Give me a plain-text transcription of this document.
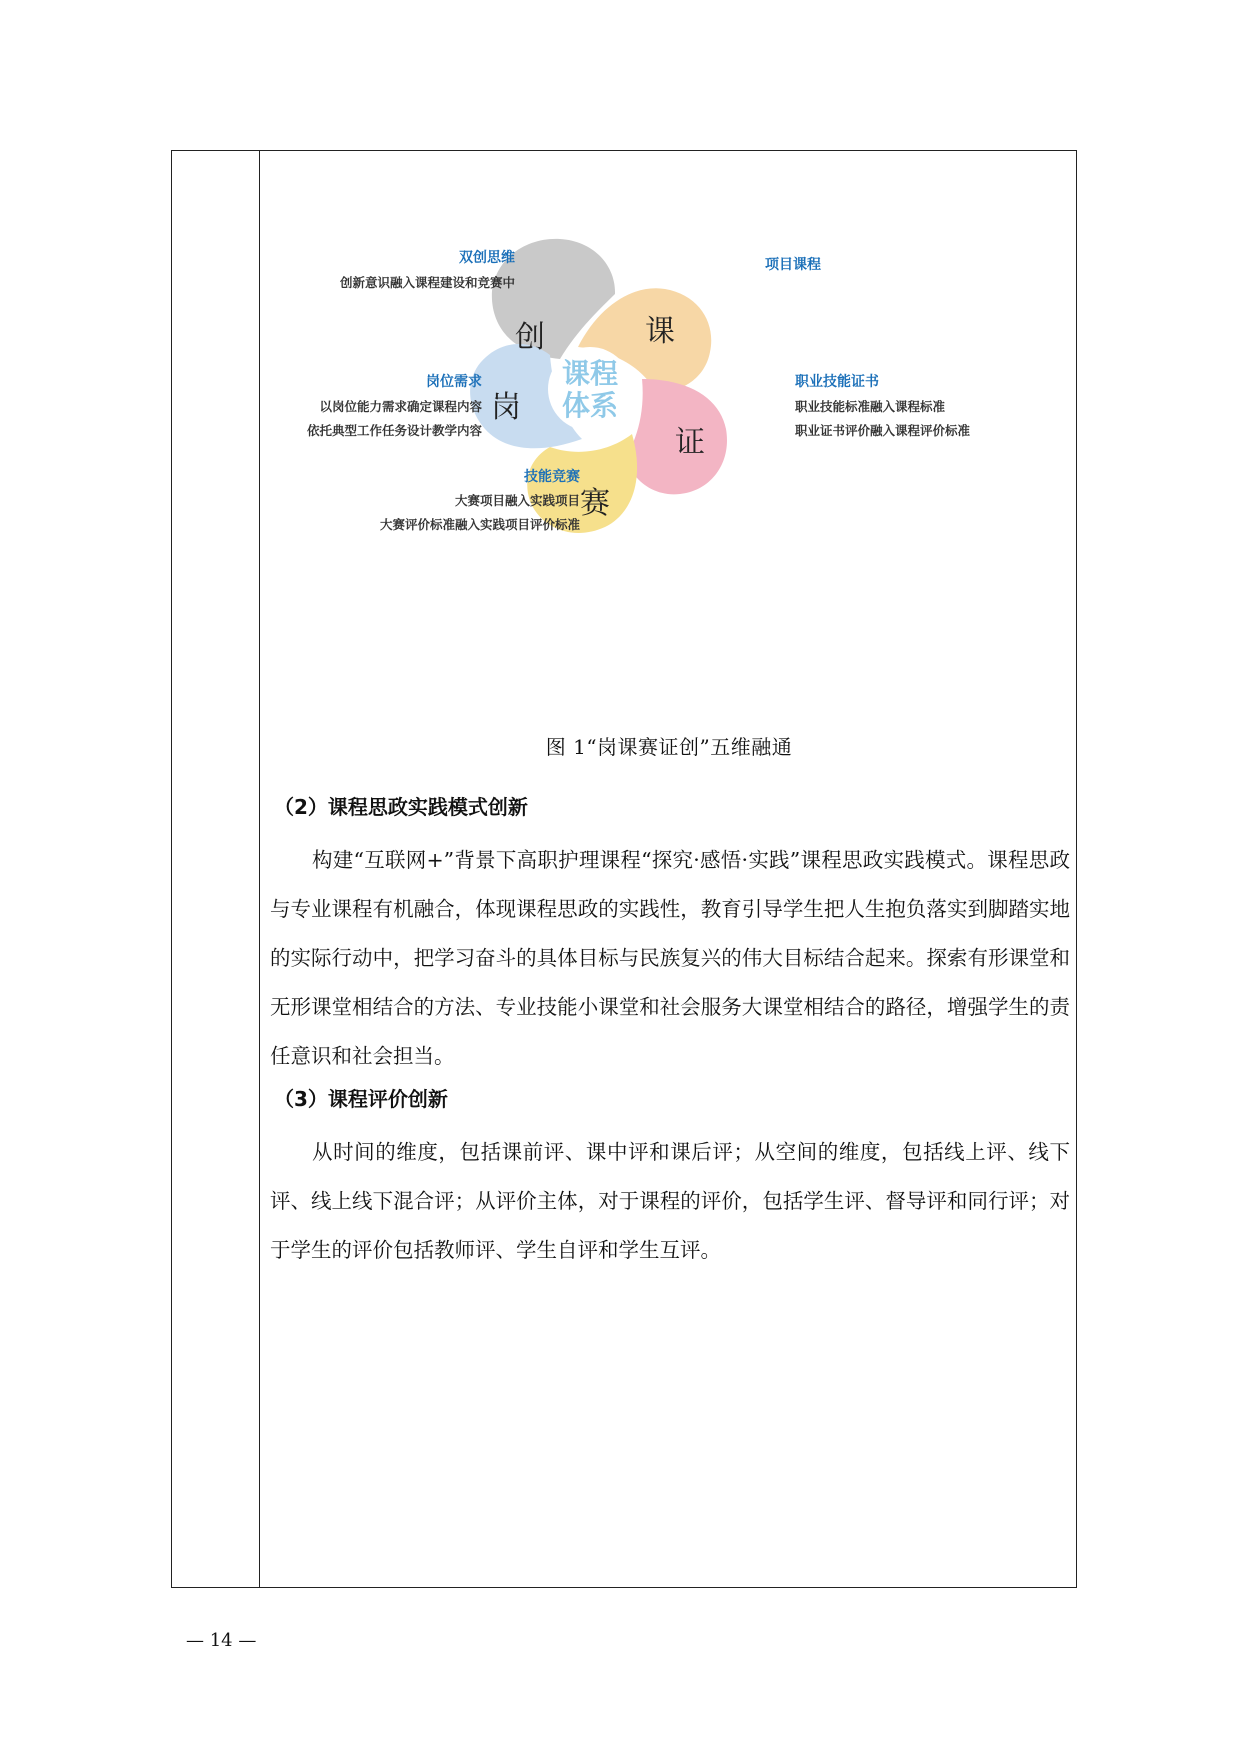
课程
体系
创	课
证
赛
岗
双创思维
创新意识融入课程建设和竞赛中
项目课程
职业技能证书
职业技能标准融入课程标准
职业证书评价融入课程评价标准
岗位需求
以岗位能力需求确定课程内容
依托典型工作任务设计教学内容
技能竞赛
大赛项目融入实践项目
大赛评价标准融入实践项目评价标准
图 1“岗课赛证创”五维融通
（2）课程思政实践模式创新

构建“互联网+”背景下高职护理课程“探究·感悟·实践”课程思政实践模式。课程思政与专业课程有机融合，体现课程思政的实践性，教育引导学生把人生抱负落实到脚踏实地的实际行动中，把学习奋斗的具体目标与民族复兴的伟大目标结合起来。探索有形课堂和无形课堂相结合的方法、专业技能小课堂和社会服务大课堂相结合的路径，增强学生的责任意识和社会担当。

（3）课程评价创新

从时间的维度，包括课前评、课中评和课后评；从空间的维度，包括线上评、线下评、线上线下混合评；从评价主体，对于课程的评价，包括学生评、督导评和同行评；对于学生的评价包括教师评、学生自评和学生互评。

— 14 —
